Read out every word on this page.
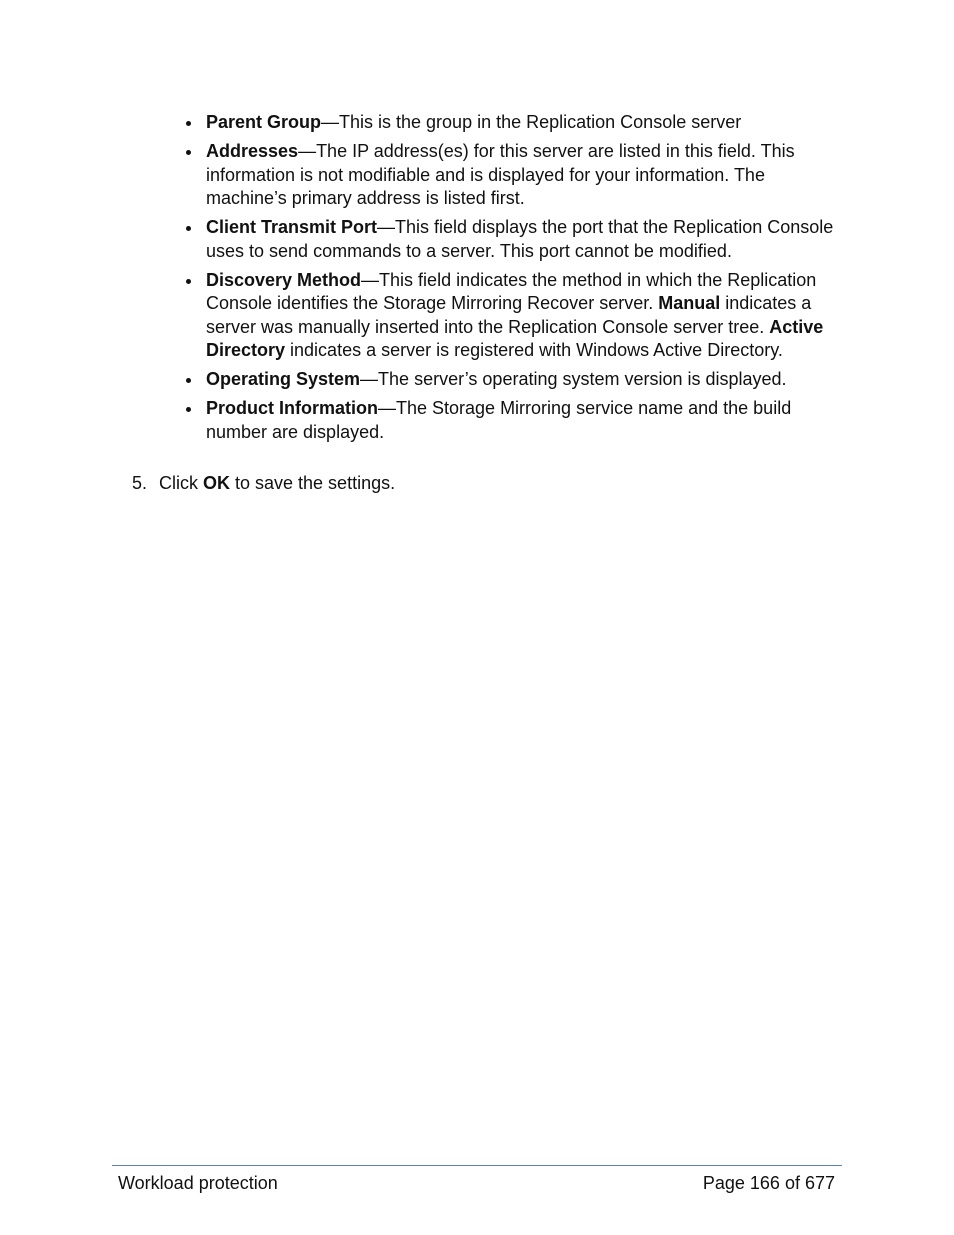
Parent Group—This is the group in the Replication Console server
Addresses—The IP address(es) for this server are listed in this field. This information is not modifiable and is displayed for your information. The machine’s primary address is listed first.
Client Transmit Port—This field displays the port that the Replication Console uses to send commands to a server. This port cannot be modified.
Discovery Method—This field indicates the method in which the Replication Console identifies the Storage Mirroring Recover server. Manual indicates a server was manually inserted into the Replication Console server tree. Active Directory indicates a server is registered with Windows Active Directory.
Operating System—The server’s operating system version is displayed.
Product Information—The Storage Mirroring service name and the build number are displayed.
5. Click OK to save the settings.
Workload protection	Page 166 of 677
